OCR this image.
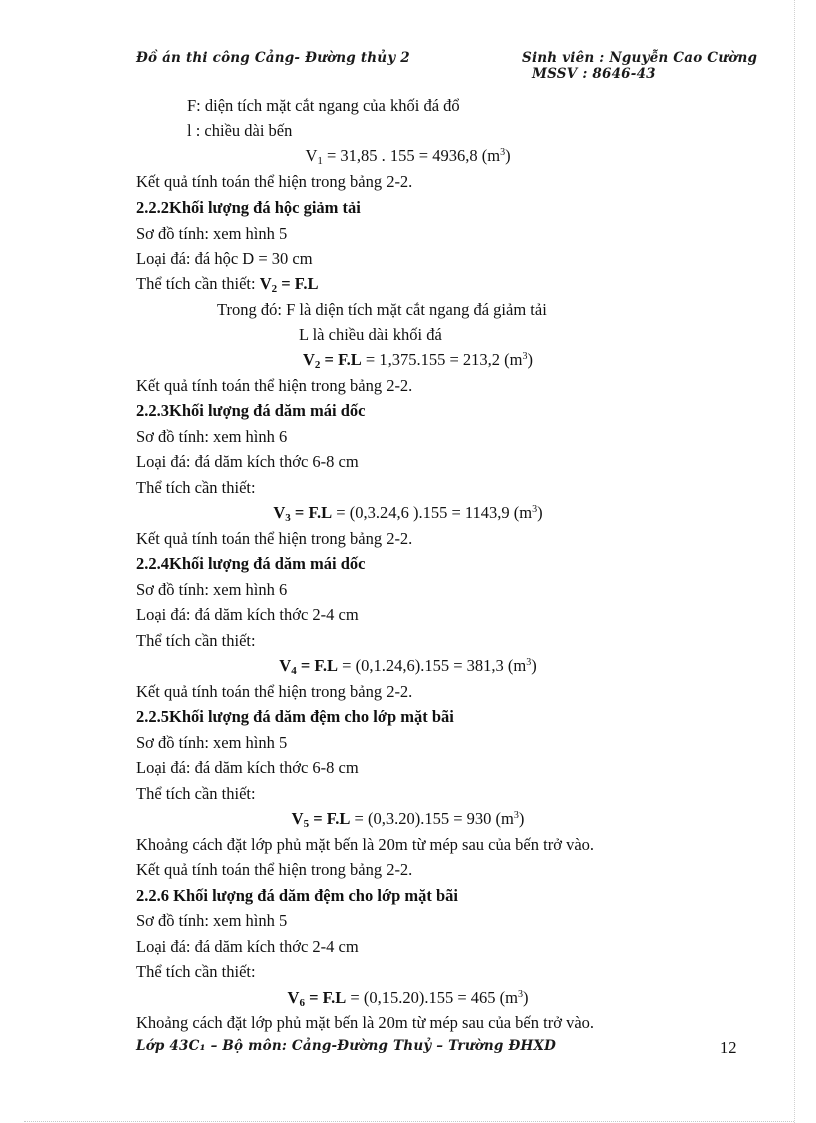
Đồ án thi công Cảng- Đường thủy 2	Sinh viên : Nguyễn Cao Cường
MSSV : 8646-43
F: diện tích mặt cắt ngang của khối đá đổ
l : chiều dài bến
$V_1 = 31,85$ . 155 = 4936,8 $(m^3)$
Kết quả tính toán thể hiện trong bảng 2-2.
2.2.2Khối lượng đá hộc giảm tải
Sơ đồ tính: xem hình 5
Loại đá: đá hộc D = 30 cm
Thể tích cần thiết: $V_2 = F.L$
Trong đó: F là diện tích mặt cắt ngang đá giảm tải
L là chiều dài khối đá
$V_2 = F.L = 1,375.155 = 213,2$ $(m^3)$
Kết quả tính toán thể hiện trong bảng 2-2.
2.2.3Khối lượng đá dăm mái dốc
Sơ đồ tính: xem hình 6
Loại đá: đá dăm kích thớc 6-8 cm
Thể tích cần thiết:
$V_3 = F.L = (0,3.24,6$ ).155 = 1143,9 $(m^3)$
Kết quả tính toán thể hiện trong bảng 2-2.
2.2.4Khối lượng đá dăm mái dốc
Sơ đồ tính: xem hình 6
Loại đá: đá dăm kích thớc 2-4 cm
Thể tích cần thiết:
$V_4 = F.L = (0,1.24,6).155 = 381,3$ $(m^3)$
Kết quả tính toán thể hiện trong bảng 2-2.
2.2.5Khối lượng đá dăm đệm cho lớp mặt bãi
Sơ đồ tính: xem hình 5
Loại đá: đá dăm kích thớc 6-8 cm
Thể tích cần thiết:
$V_5 = F.L = (0,3.20).155 = 930$ $(m^3)$
Khoảng cách đặt lớp phủ mặt bến là 20m từ mép sau của bến trở vào.
Kết quả tính toán thể hiện trong bảng 2-2.
2.2.6 Khối lượng đá dăm đệm cho lớp mặt bãi
Sơ đồ tính: xem hình 5
Loại đá: đá dăm kích thớc 2-4 cm
Thể tích cần thiết:
$V_6 = F.L = (0,15.20).155 = 465$ $(m^3)$
Khoảng cách đặt lớp phủ mặt bến là 20m từ mép sau của bến trở vào.
Lớp 43C₁ – Bộ môn: Cảng-Đường Thuỷ – Trường ĐHXD	12
